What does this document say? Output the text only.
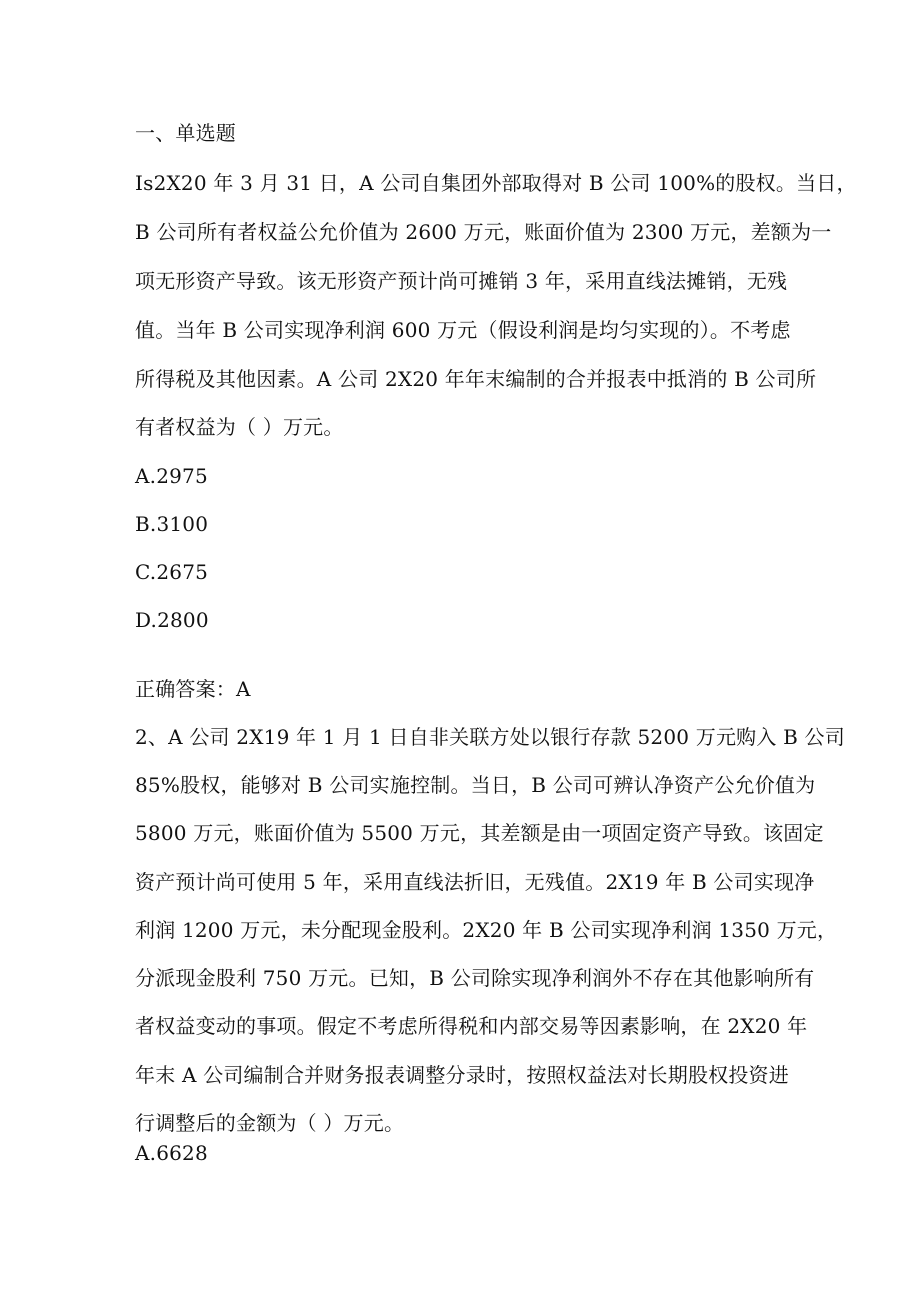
一、单选题
Is2X20 年 3 月 31 日，A 公司自集团外部取得对 B 公司 100%的股权。当日，
B 公司所有者权益公允价值为 2600 万元，账面价值为 2300 万元，差额为一
项无形资产导致。该无形资产预计尚可摊销 3 年，采用直线法摊销，无残
值。当年 B 公司实现净利润 600 万元（假设利润是均匀实现的）。不考虑
所得税及其他因素。A 公司 2X20 年年末编制的合并报表中抵消的 B 公司所
有者权益为（ ）万元。
A.2975
B.3100
C.2675
D.2800
正确答案：A
2、A 公司 2X19 年 1 月 1 日自非关联方处以银行存款 5200 万元购入 B 公司
85%股权，能够对 B 公司实施控制。当日，B 公司可辨认净资产公允价值为
5800 万元，账面价值为 5500 万元，其差额是由一项固定资产导致。该固定
资产预计尚可使用 5 年，采用直线法折旧，无残值。2X19 年 B 公司实现净
利润 1200 万元，未分配现金股利。2X20 年 B 公司实现净利润 1350 万元，
分派现金股利 750 万元。已知，B 公司除实现净利润外不存在其他影响所有
者权益变动的事项。假定不考虑所得税和内部交易等因素影响，在 2X20 年
年末 A 公司编制合并财务报表调整分录时，按照权益法对长期股权投资进
行调整后的金额为（ ）万元。
A.6628
